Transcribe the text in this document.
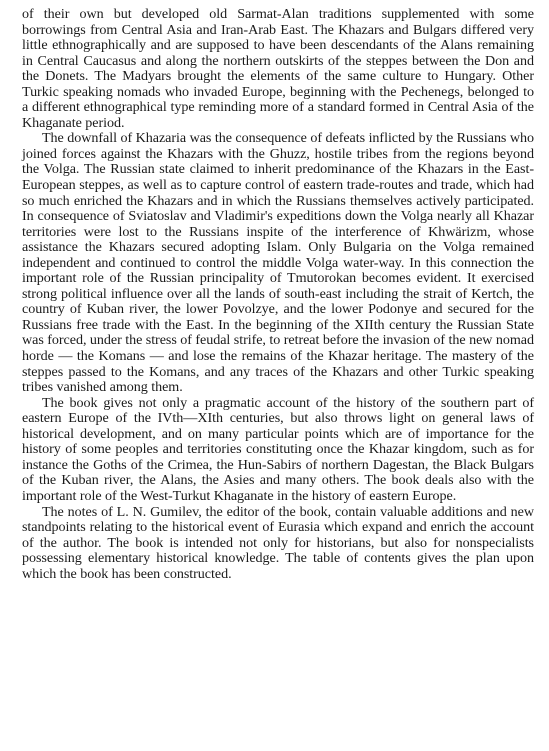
of their own but developed old Sarmat-Alan traditions supplemented with some borrowings from Central Asia and Iran-Arab East. The Khazars and Bulgars differed very little ethnographically and are supposed to have been descendants of the Alans remaining in Central Caucasus and along the northern outskirts of the steppes between the Don and the Donets. The Madyars brought the elements of the same culture to Hungary. Other Turkic speaking nomads who invaded Europe, beginning with the Pechenegs, belonged to a different ethnographical type reminding more of a standard formed in Central Asia of the Khaganate period.

The downfall of Khazaria was the consequence of defeats inflicted by the Russians who joined forces against the Khazars with the Ghuzz, hostile tribes from the regions beyond the Volga. The Russian state claimed to inherit predominance of the Khazars in the East-European steppes, as well as to capture control of eastern trade-routes and trade, which had so much enriched the Khazars and in which the Russians themselves actively participated. In consequence of Sviatoslav and Vladimir's expeditions down the Volga nearly all Khazar territories were lost to the Russians inspite of the interference of Khwärizm, whose assistance the Khazars secured adopting Islam. Only Bulgaria on the Volga remained independent and continued to control the middle Volga water-way. In this connection the important role of the Russian principality of Tmutorokan becomes evident. It exercised strong political influence over all the lands of south-east including the strait of Kertch, the country of Kuban river, the lower Povolzye, and the lower Podonye and secured for the Russians free trade with the East. In the beginning of the XIIth century the Russian State was forced, under the stress of feudal strife, to retreat before the invasion of the new nomad horde — the Komans — and lose the remains of the Khazar heritage. The mastery of the steppes passed to the Komans, and any traces of the Khazars and other Turkic speaking tribes vanished among them.

The book gives not only a pragmatic account of the history of the southern part of eastern Europe of the IVth—XIth centuries, but also throws light on general laws of historical development, and on many particular points which are of importance for the history of some peoples and territories constituting once the Khazar kingdom, such as for instance the Goths of the Crimea, the Hun-Sabirs of northern Dagestan, the Black Bulgars of the Kuban river, the Alans, the Asies and many others. The book deals also with the important role of the West-Turkut Khaganate in the history of eastern Europe.

The notes of L. N. Gumilev, the editor of the book, contain valuable additions and new standpoints relating to the historical event of Eurasia which expand and enrich the account of the author. The book is intended not only for historians, but also for nonspecialists possessing elementary historical knowledge. The table of contents gives the plan upon which the book has been constructed.
